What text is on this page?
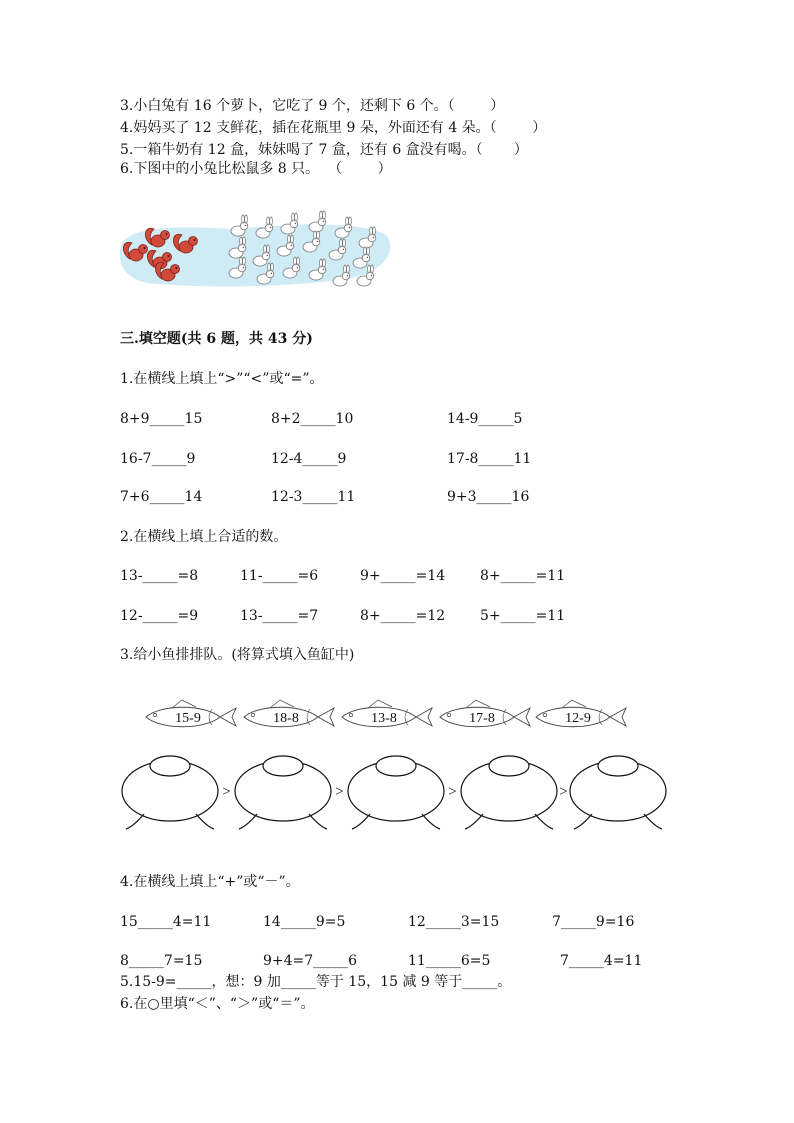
3.小白兔有 16 个萝卜，它吃了 9 个，还剩下 6 个。（        ）
4.妈妈买了 12 支鲜花，插在花瓶里 9 朵，外面还有 4 朵。（        ）
5.一箱牛奶有 12 盒，妹妹喝了 7 盒，还有 6 盒没有喝。（       ）
6.下图中的小兔比松鼠多 8 只。  （        ）
三.填空题(共 6 题，共 43 分)
1.在横线上填上“>”“<”或“=”。
8+9_____15	8+2_____10	14-9_____5
16-7_____9	12-4_____9	17-8_____11
7+6_____14	12-3_____11	9+3_____16
2.在横线上填上合适的数。
13-_____=8	11-_____=6	9+_____=14 8+_____=11
12-_____=9	13-_____=7	8+_____=12 5+_____=11
3.给小鱼排排队。(将算式填入鱼缸中)
15-9	18-8	13-8	17-8	12-9
>	>	>	>
4.在横线上填上“+”或“－”。
15_____4=11	14_____9=5	12_____3=15	7_____9=16
8_____7=15	9+4=7_____6	11_____6=5	7_____4=11
5.15-9=_____，想：9 加_____等于 15，15 减 9 等于_____。
6.在○里填“＜”、“＞”或“＝”。
